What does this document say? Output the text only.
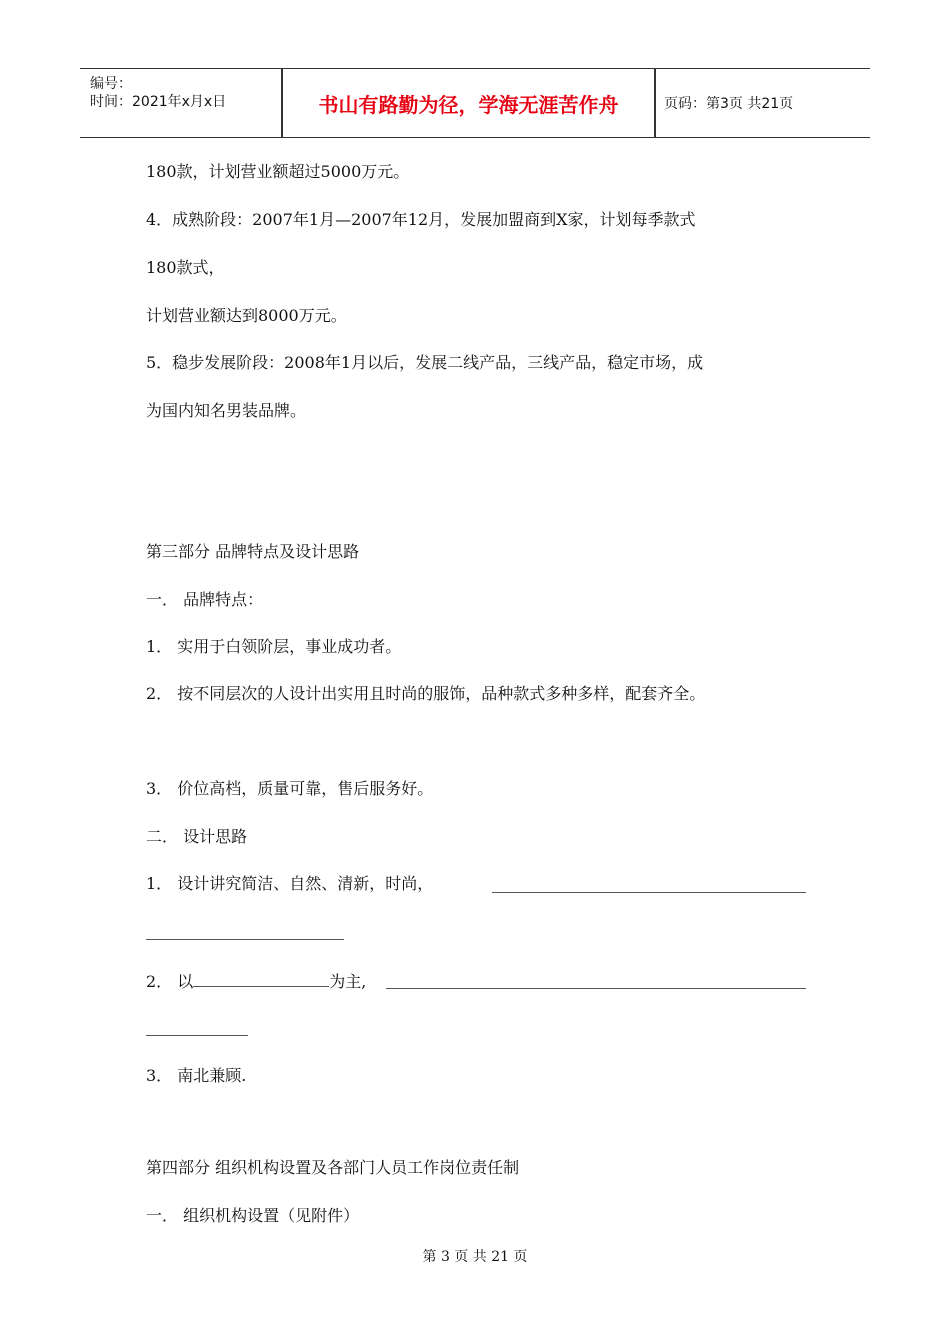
编号：
时间：2021年x月x日	书山有路勤为径，学海无涯苦作舟	页码：第3页 共21页
180款，计划营业额超过5000万元。
4．成熟阶段：2007年1月—2007年12月，发展加盟商到X家，计划每季款式
180款式，
计划营业额达到8000万元。
5．稳步发展阶段：2008年1月以后，发展二线产品，三线产品，稳定市场，成
为国内知名男装品牌。
第三部分 品牌特点及设计思路
一． 品牌特点：
1． 实用于白领阶层，事业成功者。
2． 按不同层次的人设计出实用且时尚的服饰，品种款式多种多样，配套齐全。
3． 价位高档，质量可靠，售后服务好。
二． 设计思路
1． 设计讲究简洁、自然、清新，时尚，
2． 以	为主,
3． 南北兼顾.
第四部分 组织机构设置及各部门人员工作岗位责任制
一． 组织机构设置（见附件）
第 3 页 共 21 页
